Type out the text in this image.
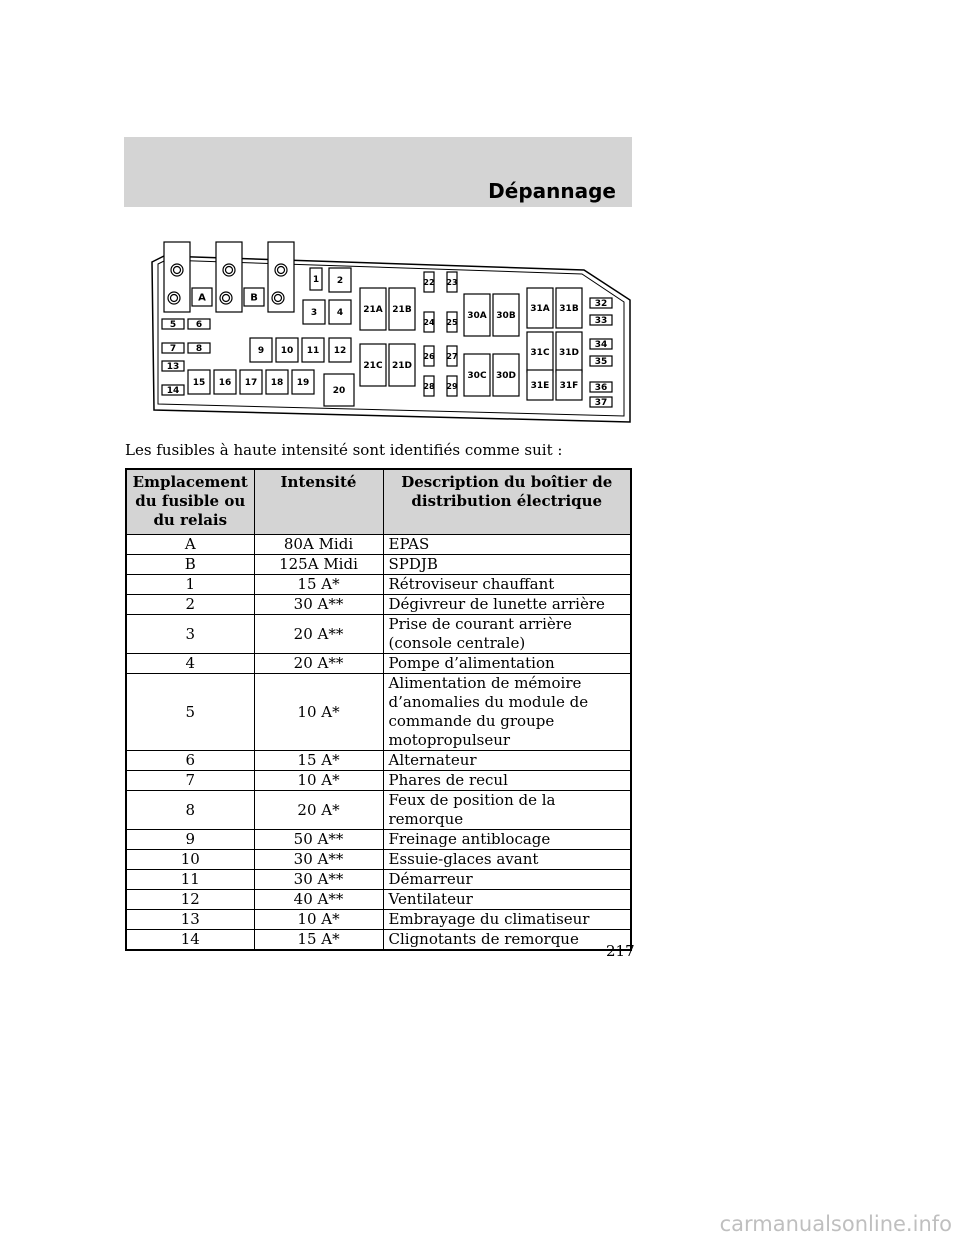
Dépannage
A	B
5 6
7 8
13
14
32
33
34
35
36
37
1 2
3 4
9 10 11 12
15 16 17 18 19
20
21A 21B
21C 21D
30A 30B
30C 30D
31A 31B
31C 31D
31E 31F
22 23
24 25
26 27
28 29
Les fusibles à haute intensité sont identifiés comme suit :
Emplacement du fusible ou du relais	Intensité	Description du boîtier de distribution électrique
A	80A Midi	EPAS
B	125A Midi	SPDJB
1	15 A*	Rétroviseur chauffant
2	30 A**	Dégivreur de lunette arrière
3	20 A**	Prise de courant arrière (console centrale)
4	20 A**	Pompe d’alimentation
5	10 A*	Alimentation de mémoire d’anomalies du module de commande du groupe motopropulseur
6	15 A*	Alternateur
7	10 A*	Phares de recul
8	20 A*	Feux de position de la remorque
9	50 A**	Freinage antiblocage
10	30 A**	Essuie-glaces avant
11	30 A**	Démarreur
12	40 A**	Ventilateur
13	10 A*	Embrayage du climatiseur
14	15 A*	Clignotants de remorque
217
carmanualsonline.info
